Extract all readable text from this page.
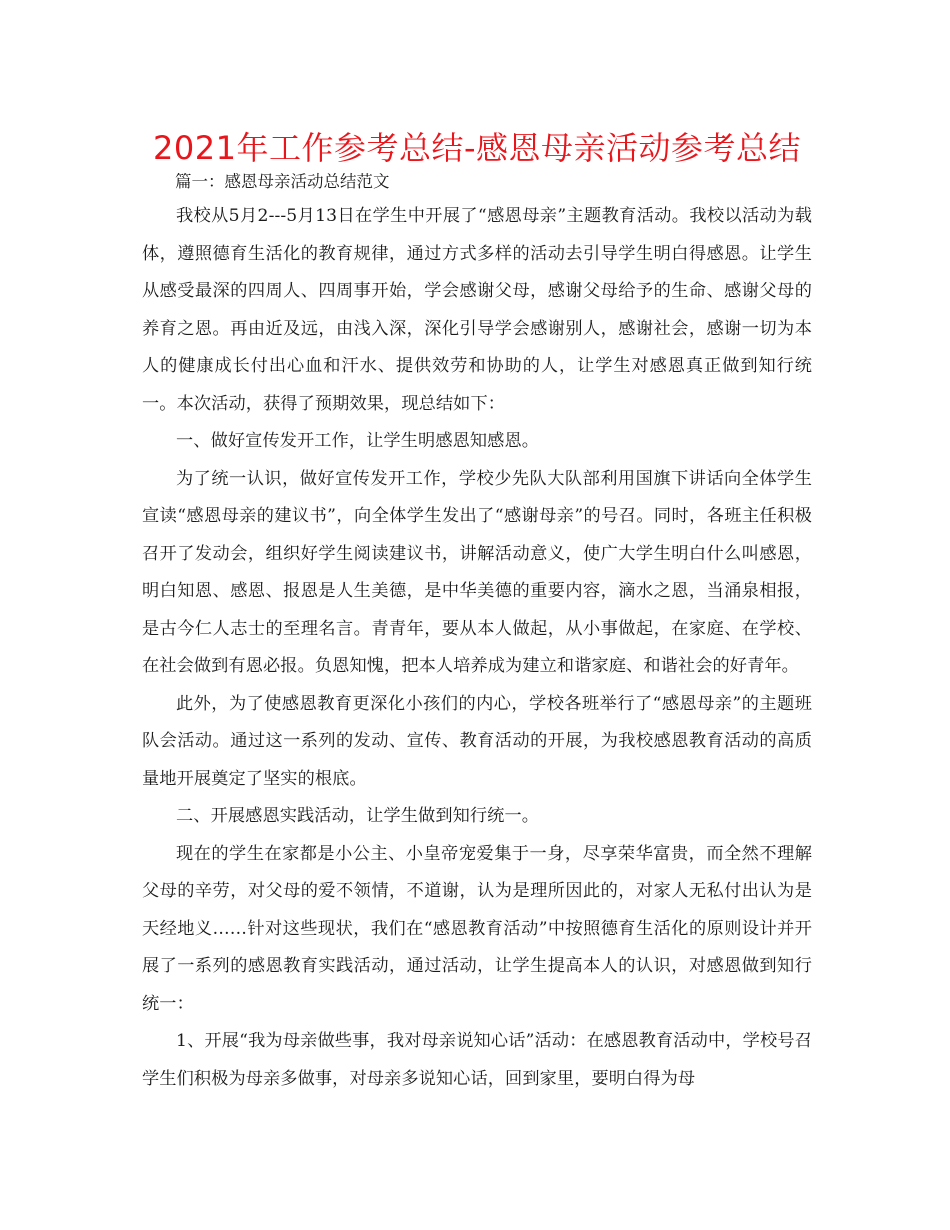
2021年工作参考总结-感恩母亲活动参考总结

篇一：感恩母亲活动总结范文

我校从5月2---5月13日在学生中开展了“感恩母亲”主题教育活动。我校以活动为载体，遵照德育生活化的教育规律，通过方式多样的活动去引导学生明白得感恩。让学生从感受最深的四周人、四周事开始，学会感谢父母，感谢父母给予的生命、感谢父母的养育之恩。再由近及远，由浅入深，深化引导学会感谢别人，感谢社会，感谢一切为本人的健康成长付出心血和汗水、提供效劳和协助的人，让学生对感恩真正做到知行统一。本次活动，获得了预期效果，现总结如下：

一、做好宣传发开工作，让学生明感恩知感恩。

为了统一认识，做好宣传发开工作，学校少先队大队部利用国旗下讲话向全体学生宣读“感恩母亲的建议书”，向全体学生发出了“感谢母亲”的号召。同时，各班主任积极召开了发动会，组织好学生阅读建议书，讲解活动意义，使广大学生明白什么叫感恩，明白知恩、感恩、报恩是人生美德，是中华美德的重要内容，滴水之恩，当涌泉相报，是古今仁人志士的至理名言。青青年，要从本人做起，从小事做起，在家庭、在学校、在社会做到有恩必报。负恩知愧，把本人培养成为建立和谐家庭、和谐社会的好青年。

此外，为了使感恩教育更深化小孩们的内心，学校各班举行了“感恩母亲”的主题班队会活动。通过这一系列的发动、宣传、教育活动的开展，为我校感恩教育活动的高质量地开展奠定了坚实的根底。

二、开展感恩实践活动，让学生做到知行统一。

现在的学生在家都是小公主、小皇帝宠爱集于一身，尽享荣华富贵，而全然不理解父母的辛劳，对父母的爱不领情，不道谢，认为是理所因此的，对家人无私付出认为是天经地义……针对这些现状，我们在“感恩教育活动”中按照德育生活化的原则设计并开展了一系列的感恩教育实践活动，通过活动，让学生提高本人的认识，对感恩做到知行统一：

1、开展“我为母亲做些事，我对母亲说知心话”活动：在感恩教育活动中，学校号召学生们积极为母亲多做事，对母亲多说知心话，回到家里，要明白得为母
